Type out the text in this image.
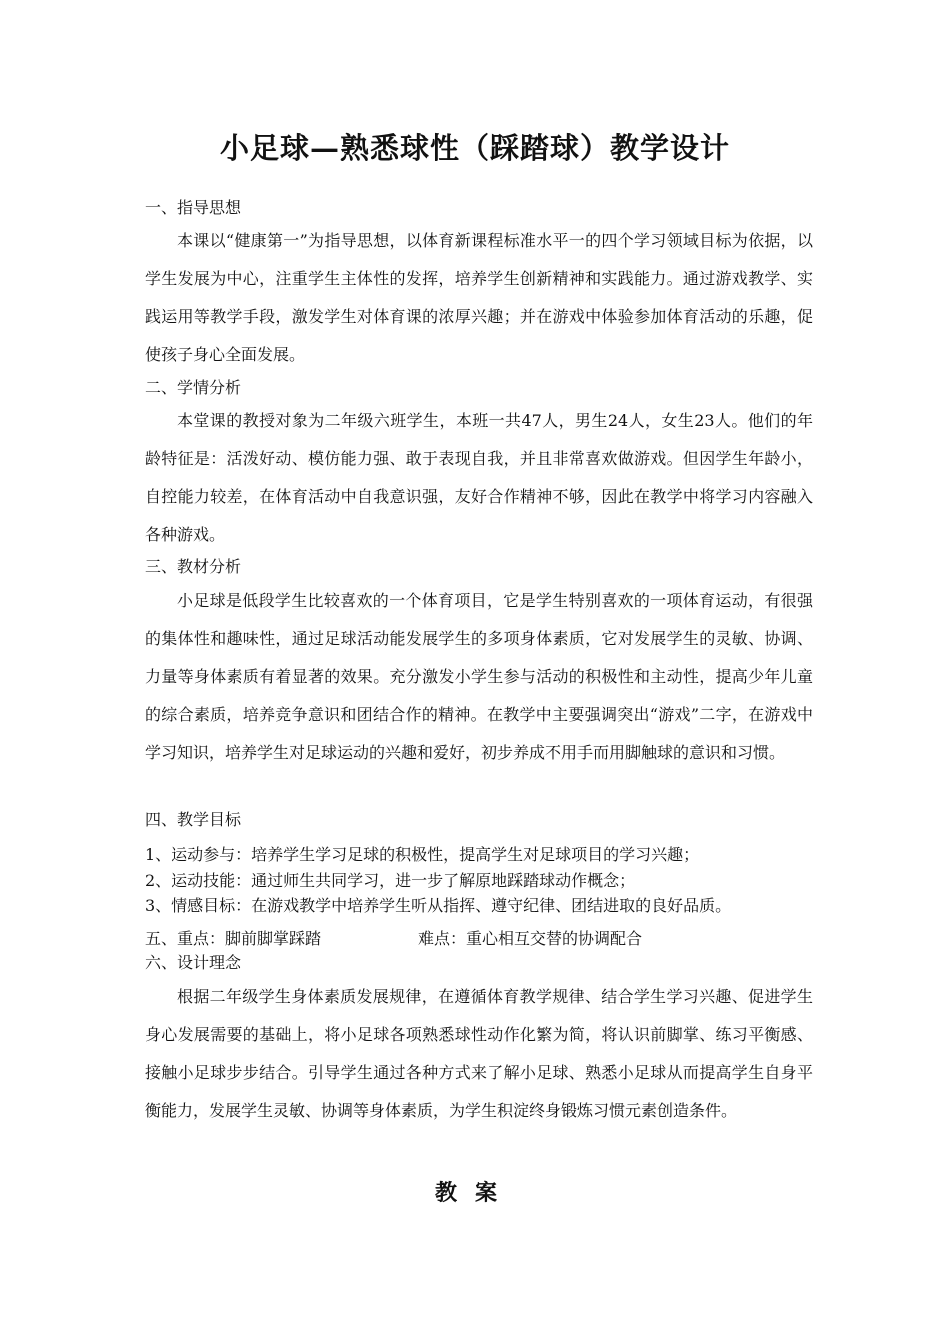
小足球—熟悉球性（踩踏球）教学设计
一、指导思想
本课以“健康第一”为指导思想，以体育新课程标准水平一的四个学习领域目标为依据，以学生发展为中心，注重学生主体性的发挥，培养学生创新精神和实践能力。通过游戏教学、实践运用等教学手段，激发学生对体育课的浓厚兴趣；并在游戏中体验参加体育活动的乐趣，促使孩子身心全面发展。
二、学情分析
本堂课的教授对象为二年级六班学生，本班一共47人，男生24人，女生23人。他们的年龄特征是：活泼好动、模仿能力强、敢于表现自我，并且非常喜欢做游戏。但因学生年龄小，自控能力较差，在体育活动中自我意识强，友好合作精神不够，因此在教学中将学习内容融入各种游戏。
三、教材分析
小足球是低段学生比较喜欢的一个体育项目，它是学生特别喜欢的一项体育运动，有很强的集体性和趣味性，通过足球活动能发展学生的多项身体素质，它对发展学生的灵敏、协调、力量等身体素质有着显著的效果。充分激发小学生参与活动的积极性和主动性，提高少年儿童的综合素质，培养竞争意识和团结合作的精神。在教学中主要强调突出“游戏”二字，在游戏中学习知识，培养学生对足球运动的兴趣和爱好，初步养成不用手而用脚触球的意识和习惯。
四、教学目标
1、运动参与：培养学生学习足球的积极性，提高学生对足球项目的学习兴趣；
2、运动技能：通过师生共同学习，进一步了解原地踩踏球动作概念；
3、情感目标：在游戏教学中培养学生听从指挥、遵守纪律、团结进取的良好品质。
五、重点：脚前脚掌踩踏	难点：重心相互交替的协调配合
六、设计理念
根据二年级学生身体素质发展规律，在遵循体育教学规律、结合学生学习兴趣、促进学生身心发展需要的基础上，将小足球各项熟悉球性动作化繁为简，将认识前脚掌、练习平衡感、接触小足球步步结合。引导学生通过各种方式来了解小足球、熟悉小足球从而提高学生自身平衡能力，发展学生灵敏、协调等身体素质，为学生积淀终身锻炼习惯元素创造条件。
教案
